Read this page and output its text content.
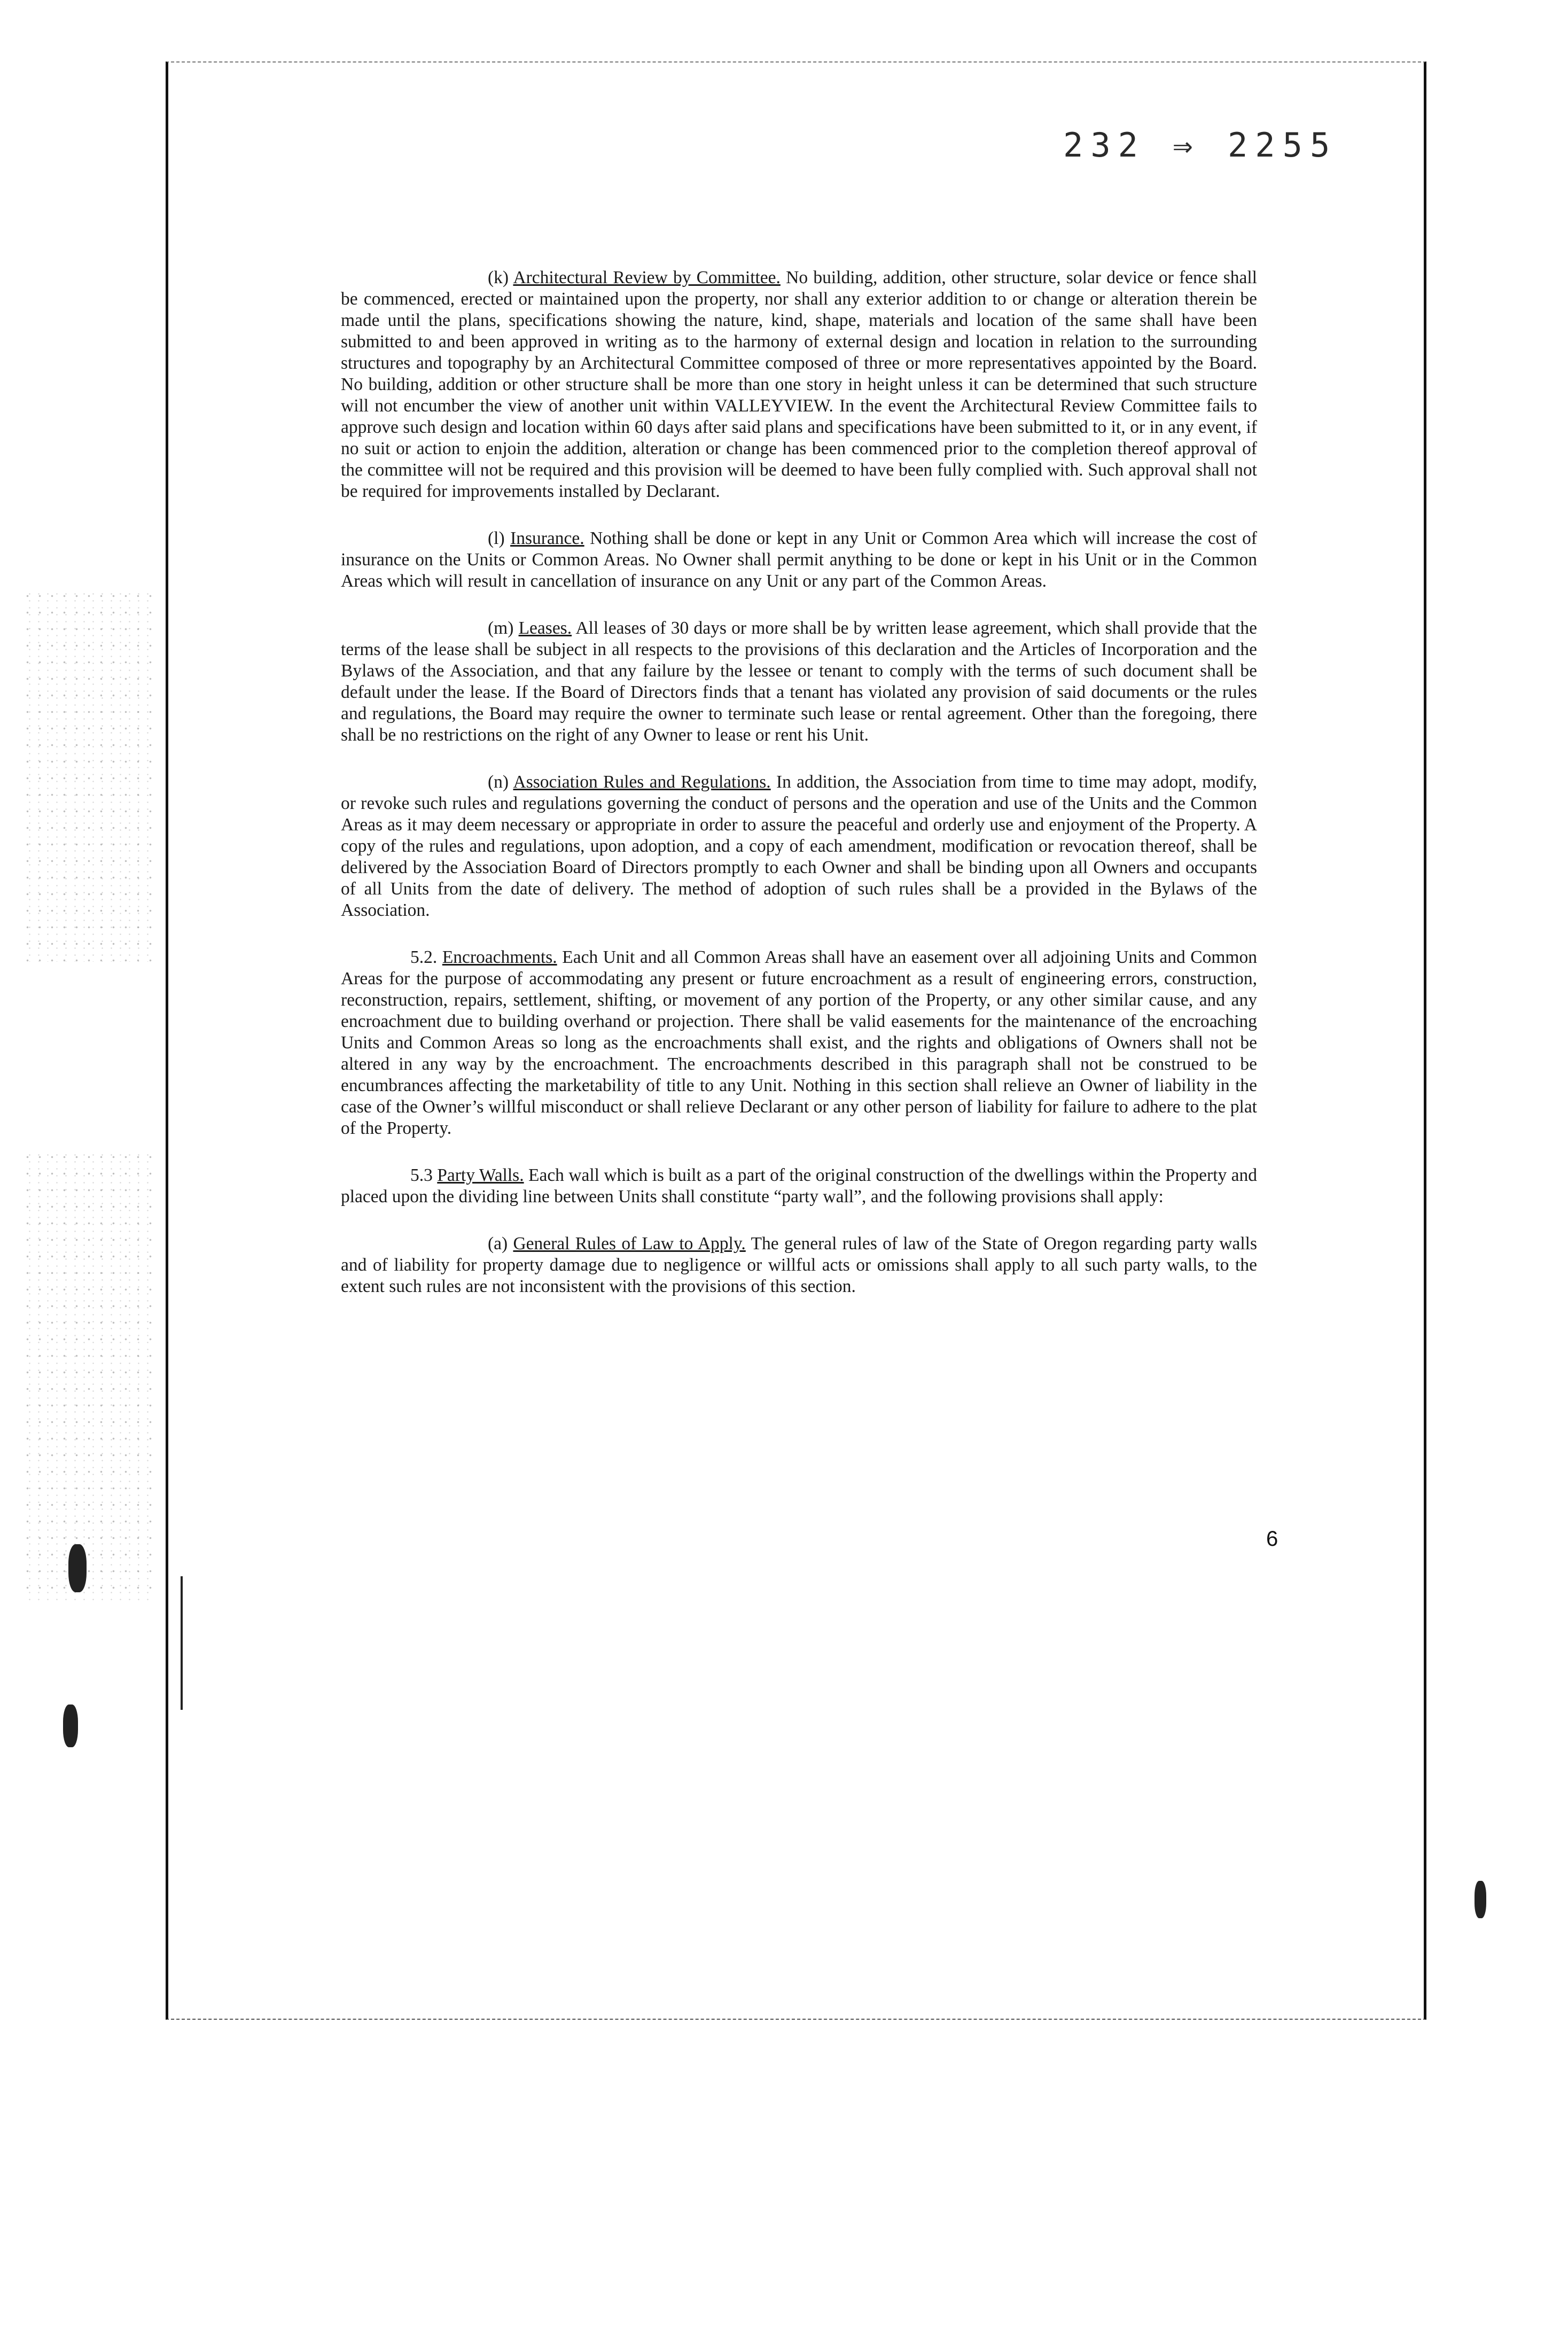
232 ⇒ 2255

(k) Architectural Review by Committee. No building, addition, other structure, solar device or fence shall be commenced, erected or maintained upon the property, nor shall any exterior addition to or change or alteration therein be made until the plans, specifications showing the nature, kind, shape, materials and location of the same shall have been submitted to and been approved in writing as to the harmony of external design and location in relation to the surrounding structures and topography by an Architectural Committee composed of three or more representatives appointed by the Board. No building, addition or other structure shall be more than one story in height unless it can be determined that such structure will not encumber the view of another unit within VALLEYVIEW. In the event the Architectural Review Committee fails to approve such design and location within 60 days after said plans and specifications have been submitted to it, or in any event, if no suit or action to enjoin the addition, alteration or change has been commenced prior to the completion thereof approval of the committee will not be required and this provision will be deemed to have been fully complied with. Such approval shall not be required for improvements installed by Declarant.

(l) Insurance. Nothing shall be done or kept in any Unit or Common Area which will increase the cost of insurance on the Units or Common Areas. No Owner shall permit anything to be done or kept in his Unit or in the Common Areas which will result in cancellation of insurance on any Unit or any part of the Common Areas.

(m) Leases. All leases of 30 days or more shall be by written lease agreement, which shall provide that the terms of the lease shall be subject in all respects to the provisions of this declaration and the Articles of Incorporation and the Bylaws of the Association, and that any failure by the lessee or tenant to comply with the terms of such document shall be default under the lease. If the Board of Directors finds that a tenant has violated any provision of said documents or the rules and regulations, the Board may require the owner to terminate such lease or rental agreement. Other than the foregoing, there shall be no restrictions on the right of any Owner to lease or rent his Unit.

(n) Association Rules and Regulations. In addition, the Association from time to time may adopt, modify, or revoke such rules and regulations governing the conduct of persons and the operation and use of the Units and the Common Areas as it may deem necessary or appropriate in order to assure the peaceful and orderly use and enjoyment of the Property. A copy of the rules and regulations, upon adoption, and a copy of each amendment, modification or revocation thereof, shall be delivered by the Association Board of Directors promptly to each Owner and shall be binding upon all Owners and occupants of all Units from the date of delivery. The method of adoption of such rules shall be a provided in the Bylaws of the Association.

5.2. Encroachments. Each Unit and all Common Areas shall have an easement over all adjoining Units and Common Areas for the purpose of accommodating any present or future encroachment as a result of engineering errors, construction, reconstruction, repairs, settlement, shifting, or movement of any portion of the Property, or any other similar cause, and any encroachment due to building overhand or projection. There shall be valid easements for the maintenance of the encroaching Units and Common Areas so long as the encroachments shall exist, and the rights and obligations of Owners shall not be altered in any way by the encroachment. The encroachments described in this paragraph shall not be construed to be encumbrances affecting the marketability of title to any Unit. Nothing in this section shall relieve an Owner of liability in the case of the Owner’s willful misconduct or shall relieve Declarant or any other person of liability for failure to adhere to the plat of the Property.

5.3 Party Walls. Each wall which is built as a part of the original construction of the dwellings within the Property and placed upon the dividing line between Units shall constitute “party wall”, and the following provisions shall apply:

(a) General Rules of Law to Apply. The general rules of law of the State of Oregon regarding party walls and of liability for property damage due to negligence or willful acts or omissions shall apply to all such party walls, to the extent such rules are not inconsistent with the provisions of this section.

6
